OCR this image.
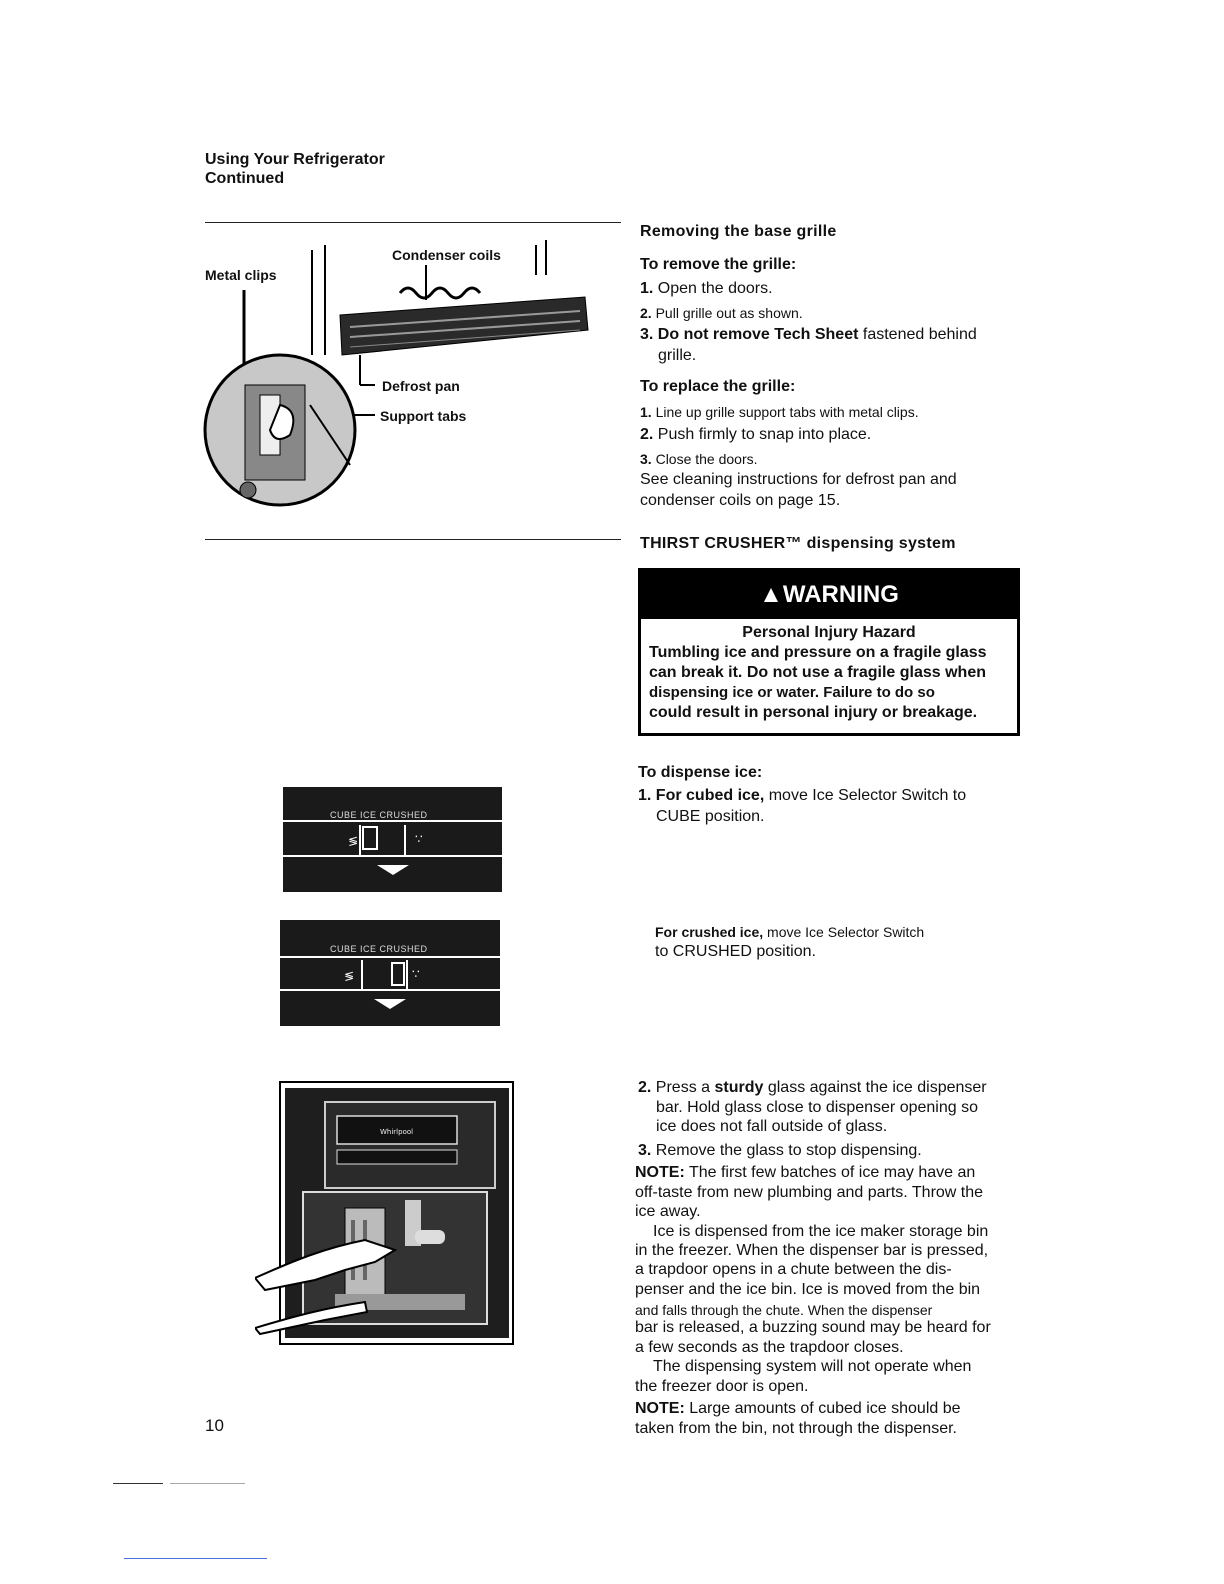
Using Your Refrigerator
Continued
Metal clips
Condenser coils
Defrost pan
Support tabs
Removing the base grille
To remove the grille:
1. Open the doors.
2. Pull grille out as shown.
3. Do not remove Tech Sheet fastened behind
grille.
To replace the grille:
1. Line up grille support tabs with metal clips.
2. Push firmly to snap into place.
3. Close the doors.
See cleaning instructions for defrost pan and
condenser coils on page 15.
THIRST CRUSHER™ dispensing system
▲WARNING
Personal Injury Hazard
Tumbling ice and pressure on a fragile glass
can break it. Do not use a fragile glass when
dispensing ice or water. Failure to do so
could result in personal injury or breakage.
To dispense ice:
1. For cubed ice, move Ice Selector Switch to
CUBE position.
For crushed ice, move Ice Selector Switch
to CRUSHED position.
2. Press a sturdy glass against the ice dispenser
bar. Hold glass close to dispenser opening so
ice does not fall outside of glass.
3. Remove the glass to stop dispensing.
NOTE: The first few batches of ice may have an
off-taste from new plumbing and parts. Throw the
ice away.
Ice is dispensed from the ice maker storage bin
in the freezer. When the dispenser bar is pressed,
a trapdoor opens in a chute between the dis-
penser and the ice bin. Ice is moved from the bin
and falls through the chute. When the dispenser
bar is released, a buzzing sound may be heard for
a few seconds as the trapdoor closes.
The dispensing system will not operate when
the freezer door is open.
NOTE: Large amounts of cubed ice should be
taken from the bin, not through the dispenser.
CUBE ICE CRUSHED
≶	∵
CUBE ICE CRUSHED
≶	∵
Whirlpool
10
